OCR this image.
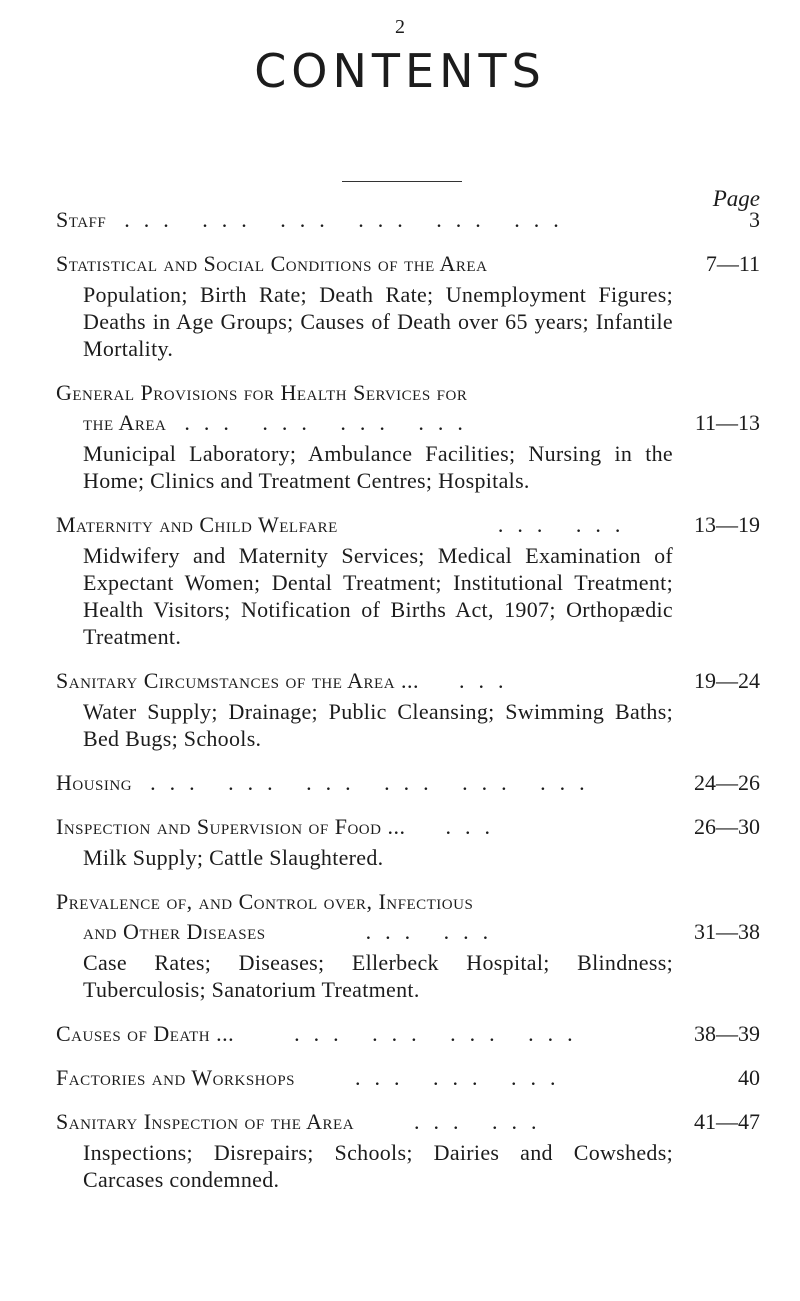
2
CONTENTS
Page
Staff ... ... ... ... ... ...	3
Statistical and Social Conditions of the Area	7—11
Population; Birth Rate; Death Rate; Unemployment Figures; Deaths in Age Groups; Causes of Death over 65 years; Infantile Mortality.
General Provisions for Health Services for
the Area ... ... ... ...	11—13
Municipal Laboratory; Ambulance Facilities; Nursing in the Home; Clinics and Treatment Centres; Hospitals.
Maternity and Child Welfare	... ...	13—19
Midwifery and Maternity Services; Medical Examination of Expectant Women; Dental Treatment; Institutional Treatment; Health Visitors; Notification of Births Act, 1907; Orthopædic Treatment.
Sanitary Circumstances of the Area ... ...	19—24
Water Supply; Drainage; Public Cleansing; Swimming Baths; Bed Bugs; Schools.
Housing ... ... ... ... ... ...	24—26
Inspection and Supervision of Food ... ...	26—30
Milk Supply; Cattle Slaughtered.
Prevalence of, and Control over, Infectious
and Other Diseases	... ...	31—38
Case Rates; Diseases; Ellerbeck Hospital; Blindness; Tuberculosis; Sanatorium Treatment.
Causes of Death ...	... ... ... ...	38—39
Factories and Workshops	... ... ...	40
Sanitary Inspection of the Area	... ...	41—47
Inspections; Disrepairs; Schools; Dairies and Cowsheds; Carcases condemned.
